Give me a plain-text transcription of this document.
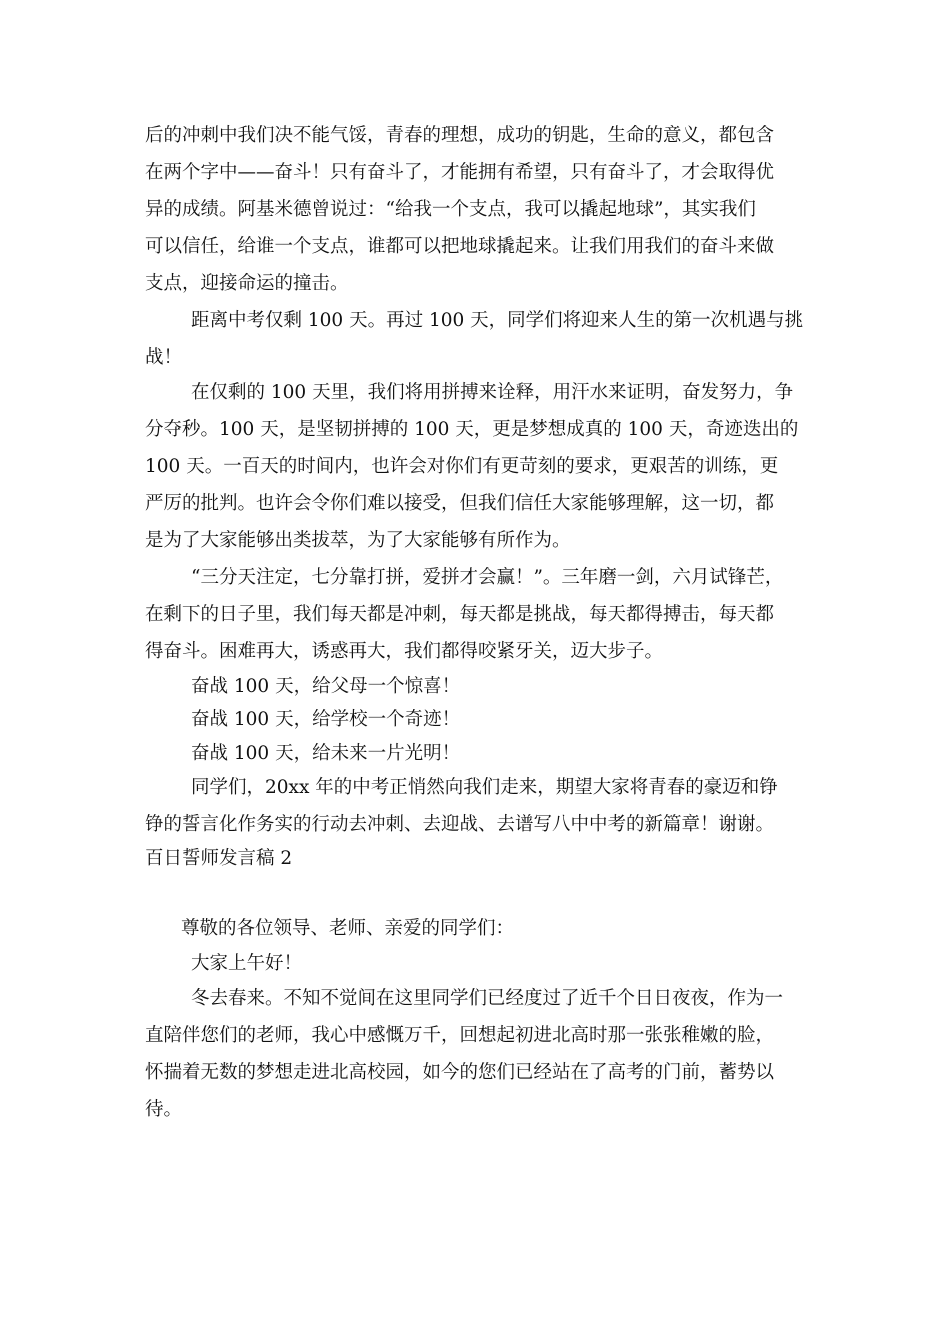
后的冲刺中我们决不能气馁，青春的理想，成功的钥匙，生命的意义，都包含
在两个字中——奋斗！只有奋斗了，才能拥有希望，只有奋斗了，才会取得优
异的成绩。阿基米德曾说过：“给我一个支点，我可以撬起地球”，其实我们
可以信任，给谁一个支点，谁都可以把地球撬起来。让我们用我们的奋斗来做
支点，迎接命运的撞击。
距离中考仅剩 100 天。再过 100 天，同学们将迎来人生的第一次机遇与挑
战！
在仅剩的 100 天里，我们将用拼搏来诠释，用汗水来证明，奋发努力，争
分夺秒。100 天，是坚韧拼搏的 100 天，更是梦想成真的 100 天，奇迹迭出的
100 天。一百天的时间内，也许会对你们有更苛刻的要求，更艰苦的训练，更
严厉的批判。也许会令你们难以接受，但我们信任大家能够理解，这一切，都
是为了大家能够出类拔萃，为了大家能够有所作为。
“三分天注定，七分靠打拼，爱拼才会赢！”。三年磨一剑，六月试锋芒，
在剩下的日子里，我们每天都是冲刺，每天都是挑战，每天都得搏击，每天都
得奋斗。困难再大，诱惑再大，我们都得咬紧牙关，迈大步子。
奋战 100 天，给父母一个惊喜！
奋战 100 天，给学校一个奇迹！
奋战 100 天，给未来一片光明！
同学们，20xx 年的中考正悄然向我们走来，期望大家将青春的豪迈和铮
铮的誓言化作务实的行动去冲刺、去迎战、去谱写八中中考的新篇章！谢谢。
百日誓师发言稿 2
尊敬的各位领导、老师、亲爱的同学们：
大家上午好！
冬去春来。不知不觉间在这里同学们已经度过了近千个日日夜夜，作为一
直陪伴您们的老师，我心中感慨万千，回想起初进北高时那一张张稚嫩的脸，
怀揣着无数的梦想走进北高校园，如今的您们已经站在了高考的门前，蓄势以
待。
